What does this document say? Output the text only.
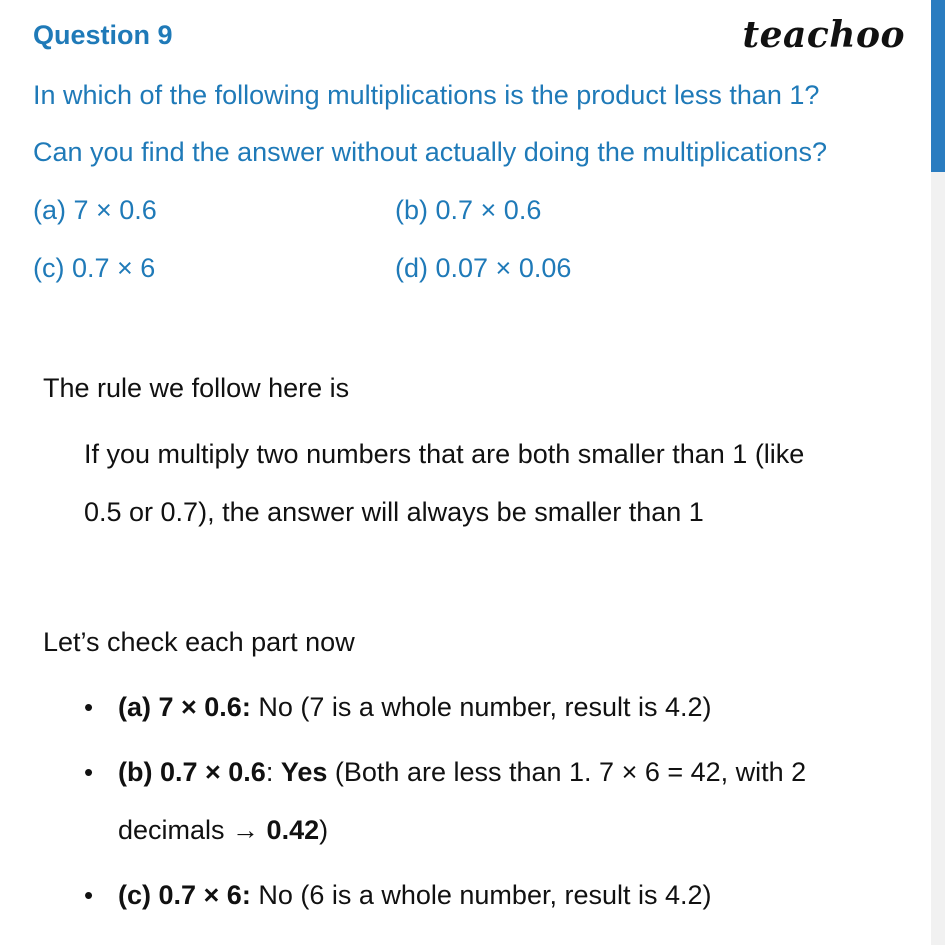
Question 9	teachoo
In which of the following multiplications is the product less than 1?
Can you find the answer without actually doing the multiplications?
(a) 7 × 0.6	(b) 0.7 × 0.6
(c) 0.7 × 6	(d) 0.07 × 0.06
The rule we follow here is
If you multiply two numbers that are both smaller than 1 (like
0.5 or 0.7), the answer will always be smaller than 1
Let’s check each part now
• (a) 7 × 0.6: No (7 is a whole number, result is 4.2)
• (b) 0.7 × 0.6: Yes (Both are less than 1. 7 × 6 = 42, with 2
decimals → 0.42)
• (c) 0.7 × 6: No (6 is a whole number, result is 4.2)
